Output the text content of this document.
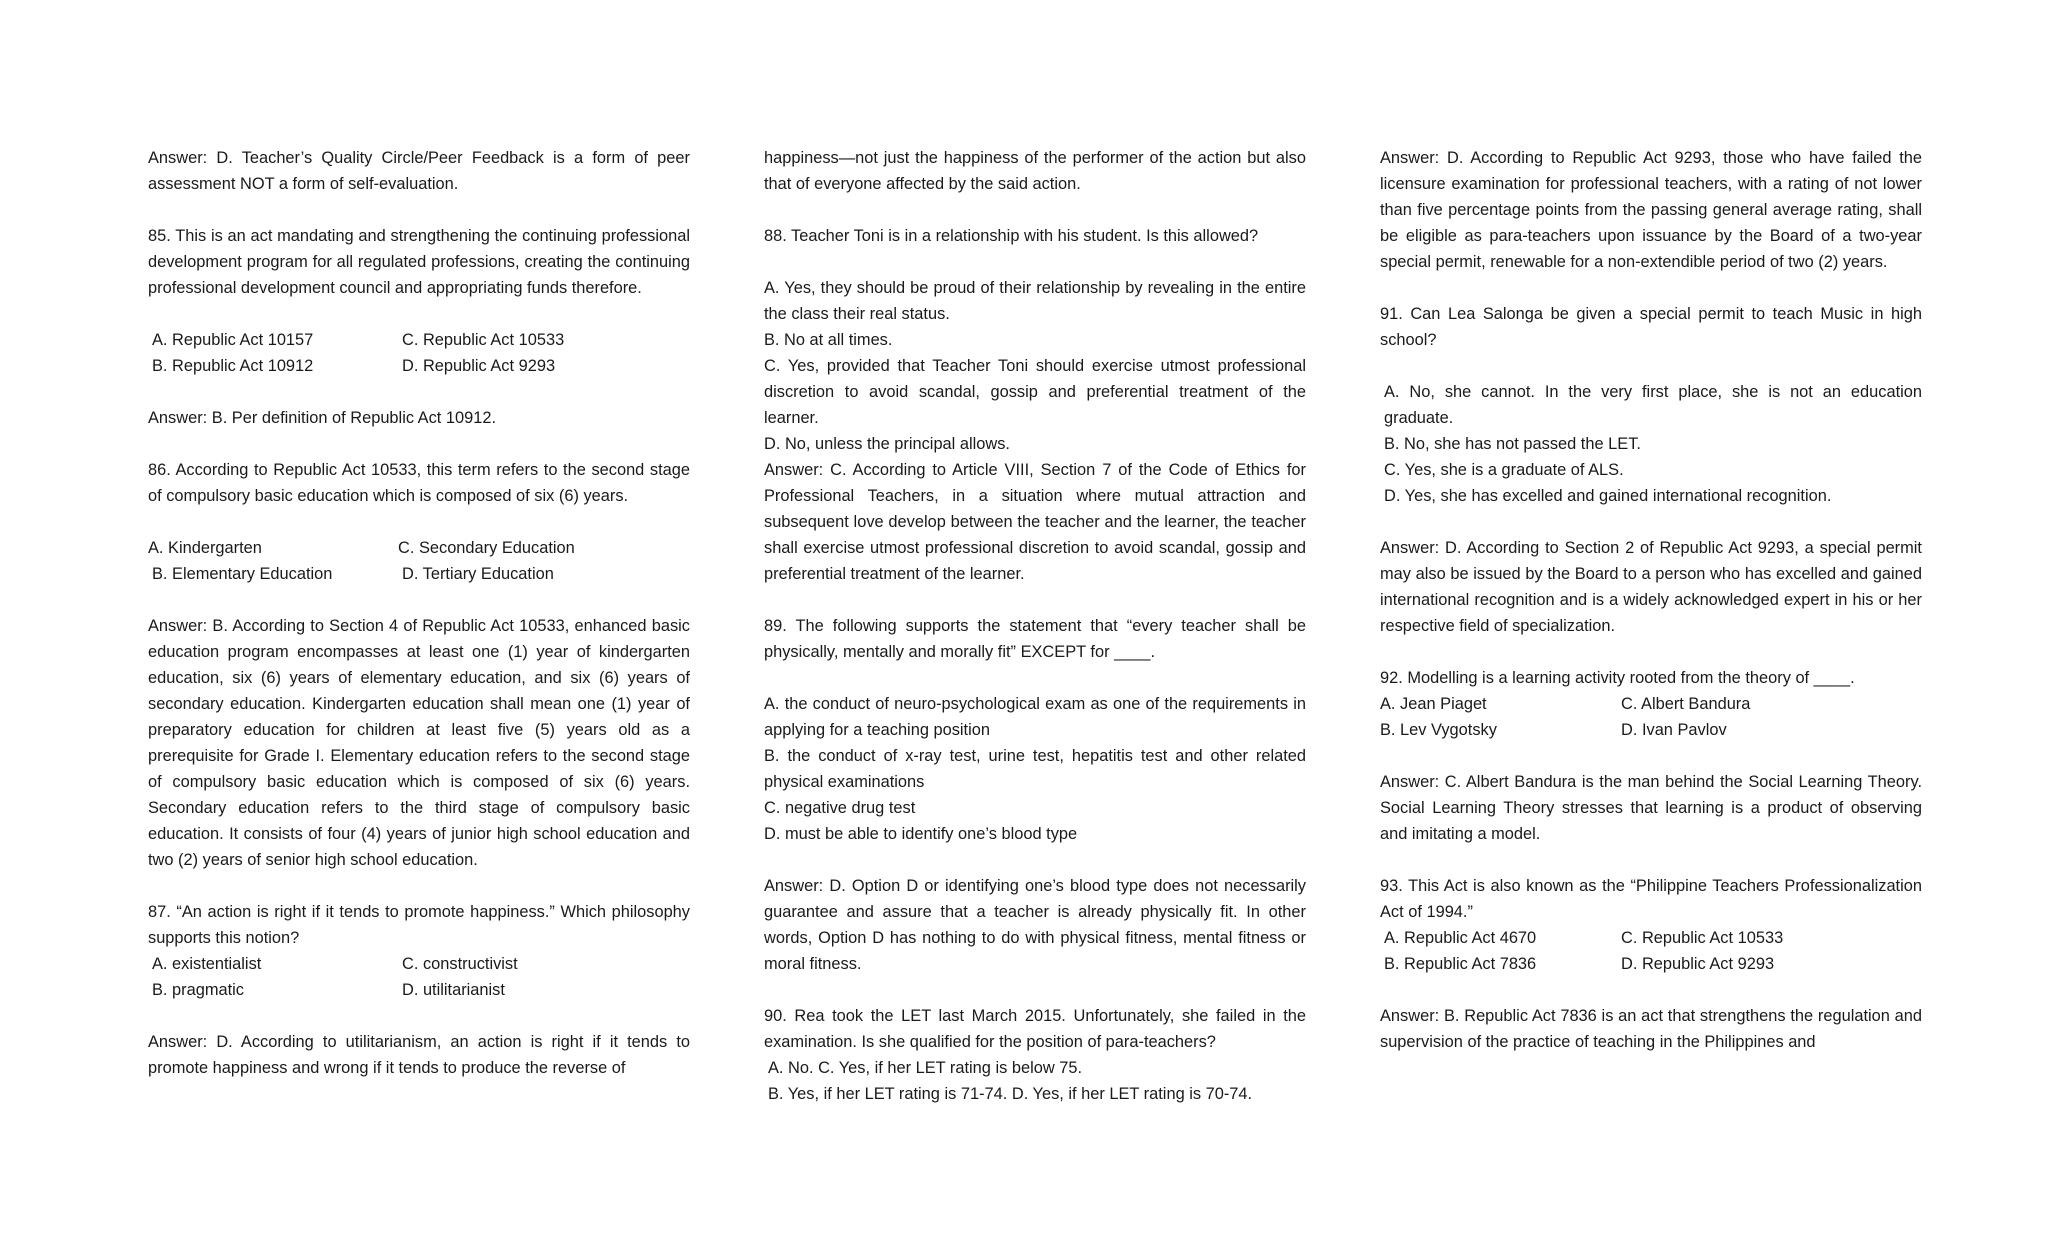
Answer: D. Teacher’s Quality Circle/Peer Feedback is a form of peer assessment NOT a form of self-evaluation.

85. This is an act mandating and strengthening the continuing professional development program for all regulated professions, creating the continuing professional development council and appropriating funds therefore.

A. Republic Act 10157	C. Republic Act 10533
B. Republic Act 10912	D. Republic Act 9293

Answer: B. Per definition of Republic Act 10912.

86. According to Republic Act 10533, this term refers to the second stage of compulsory basic education which is composed of six (6) years.

A. Kindergarten	C. Secondary Education
B. Elementary Education	D. Tertiary Education

Answer: B. According to Section 4 of Republic Act 10533, enhanced basic education program encompasses at least one (1) year of kindergarten education, six (6) years of elementary education, and six (6) years of secondary education. Kindergarten education shall mean one (1) year of preparatory education for children at least five (5) years old as a prerequisite for Grade I. Elementary education refers to the second stage of compulsory basic education which is composed of six (6) years. Secondary education refers to the third stage of compulsory basic education. It consists of four (4) years of junior high school education and two (2) years of senior high school education.

87. “An action is right if it tends to promote happiness.” Which philosophy supports this notion?

A. existentialist	C. constructivist
B. pragmatic	D. utilitarianist

Answer: D. According to utilitarianism, an action is right if it tends to promote happiness and wrong if it tends to produce the reverse of

happiness—not just the happiness of the performer of the action but also that of everyone affected by the said action.

88. Teacher Toni is in a relationship with his student. Is this allowed?

A. Yes, they should be proud of their relationship by revealing in the entire the class their real status.

B. No at all times.

C. Yes, provided that Teacher Toni should exercise utmost professional discretion to avoid scandal, gossip and preferential treatment of the learner.

D. No, unless the principal allows.

Answer: C. According to Article VIII, Section 7 of the Code of Ethics for Professional Teachers, in a situation where mutual attraction and subsequent love develop between the teacher and the learner, the teacher shall exercise utmost professional discretion to avoid scandal, gossip and preferential treatment of the learner.

89. The following supports the statement that “every teacher shall be physically, mentally and morally fit” EXCEPT for ____.

A. the conduct of neuro-psychological exam as one of the requirements in applying for a teaching position

B. the conduct of x-ray test, urine test, hepatitis test and other related physical examinations

C. negative drug test

D. must be able to identify one’s blood type

Answer: D. Option D or identifying one’s blood type does not necessarily guarantee and assure that a teacher is already physically fit. In other words, Option D has nothing to do with physical fitness, mental fitness or moral fitness.

90. Rea took the LET last March 2015. Unfortunately, she failed in the examination. Is she qualified for the position of para-teachers?

A. No. C. Yes, if her LET rating is below 75.
B. Yes, if her LET rating is 71-74. D. Yes, if her LET rating is 70-74.

Answer: D. According to Republic Act 9293, those who have failed the licensure examination for professional teachers, with a rating of not lower than five percentage points from the passing general average rating, shall be eligible as para-teachers upon issuance by the Board of a two-year special permit, renewable for a non-extendible period of two (2) years.

91. Can Lea Salonga be given a special permit to teach Music in high school?

A. No, she cannot. In the very first place, she is not an education graduate.

B. No, she has not passed the LET.

C. Yes, she is a graduate of ALS.

D. Yes, she has excelled and gained international recognition.

Answer: D. According to Section 2 of Republic Act 9293, a special permit may also be issued by the Board to a person who has excelled and gained international recognition and is a widely acknowledged expert in his or her respective field of specialization.

92. Modelling is a learning activity rooted from the theory of ____.

A. Jean Piaget	C. Albert Bandura
B. Lev Vygotsky	D. Ivan Pavlov

Answer: C. Albert Bandura is the man behind the Social Learning Theory. Social Learning Theory stresses that learning is a product of observing and imitating a model.

93. This Act is also known as the “Philippine Teachers Professionalization Act of 1994.”

A. Republic Act 4670	C. Republic Act 10533
B. Republic Act 7836	D. Republic Act 9293

Answer: B. Republic Act 7836 is an act that strengthens the regulation and supervision of the practice of teaching in the Philippines and
